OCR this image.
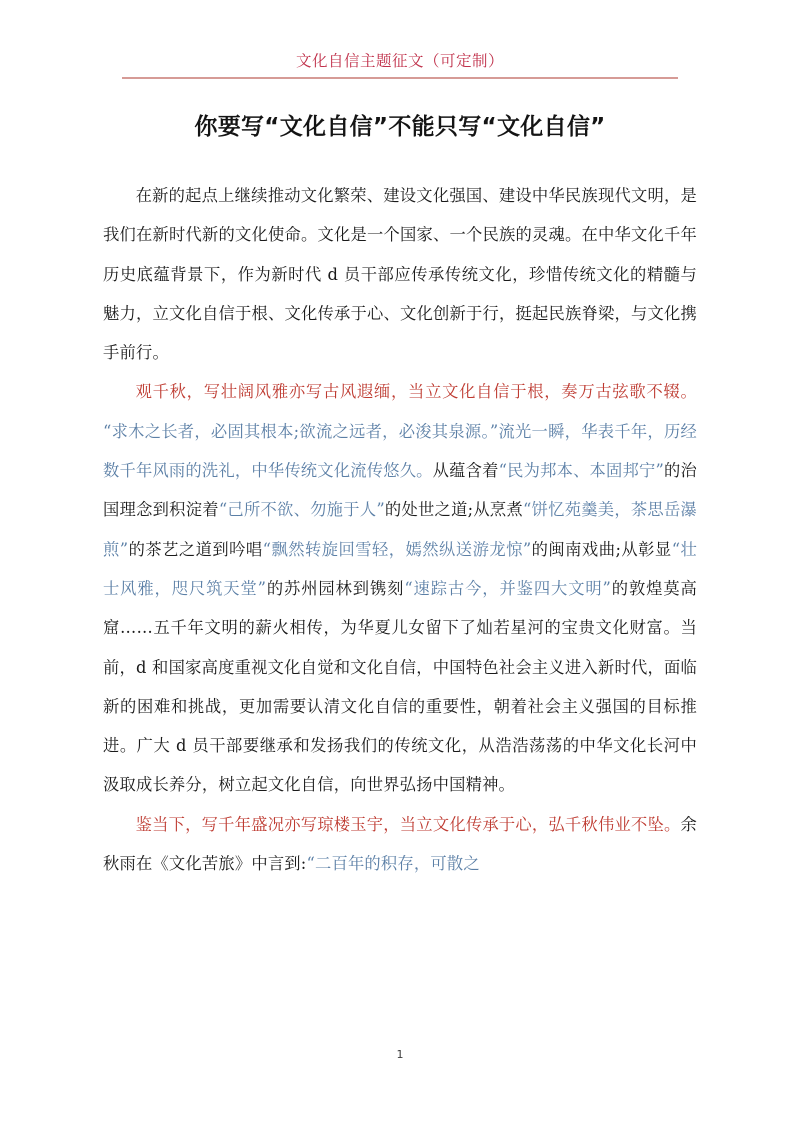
文化自信主题征文（可定制）
你要写“文化自信”不能只写“文化自信”

在新的起点上继续推动文化繁荣、建设文化强国、建设中华民族现代文明，是我们在新时代新的文化使命。文化是一个国家、一个民族的灵魂。在中华文化千年历史底蕴背景下，作为新时代 d 员干部应传承传统文化，珍惜传统文化的精髓与魅力，立文化自信于根、文化传承于心、文化创新于行，挺起民族脊梁，与文化携手前行。

观千秋，写壮阔风雅亦写古风遐缅，当立文化自信于根，奏万古弦歌不辍。“求木之长者，必固其根本;欲流之远者，必浚其泉源。”流光一瞬，华表千年，历经数千年风雨的洗礼，中华传统文化流传悠久。从蕴含着“民为邦本、本固邦宁”的治国理念到积淀着“己所不欲、勿施于人”的处世之道;从烹煮“饼忆苑羹美，茶思岳瀑煎”的茶艺之道到吟唱“飘然转旋回雪轻，嫣然纵送游龙惊”的闽南戏曲;从彰显“壮士风雅，咫尺筑天堂”的苏州园林到镌刻“速踪古今，并鉴四大文明”的敦煌莫高窟……五千年文明的薪火相传，为华夏儿女留下了灿若星河的宝贵文化财富。当前，d 和国家高度重视文化自觉和文化自信，中国特色社会主义进入新时代，面临新的困难和挑战，更加需要认清文化自信的重要性，朝着社会主义强国的目标推进。广大 d 员干部要继承和发扬我们的传统文化，从浩浩荡荡的中华文化长河中汲取成长养分，树立起文化自信，向世界弘扬中国精神。

鉴当下，写千年盛况亦写琼楼玉宇，当立文化传承于心，弘千秋伟业不坠。余秋雨在《文化苦旅》中言到:“二百年的积存，可散之

1
